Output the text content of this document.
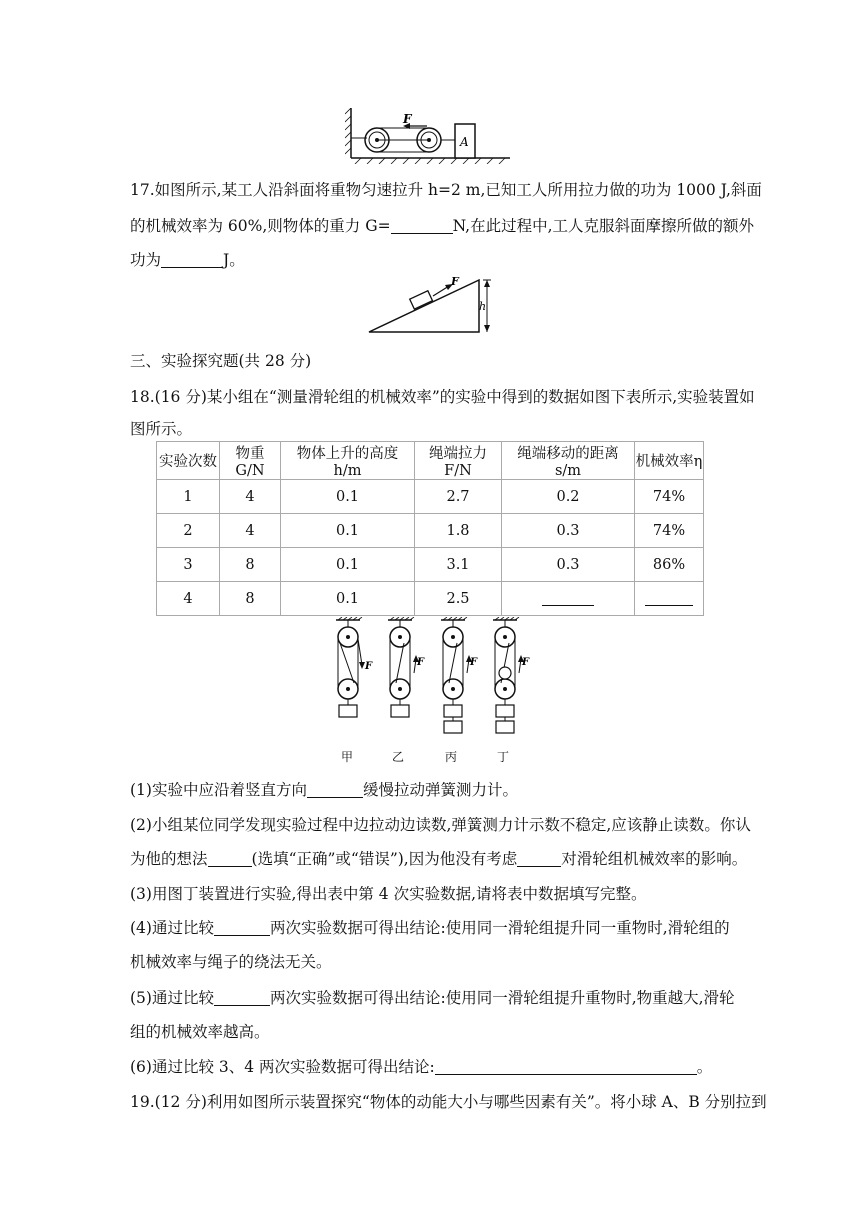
F
A
17.如图所示,某工人沿斜面将重物匀速拉升 h=2 m,已知工人所用拉力做的功为 1000 J,斜面
的机械效率为 60%,则物体的重力 G=	N,在此过程中,工人克服斜面摩擦所做的额外
功为	J。
F
h
三、实验探究题(共 28 分)
18.(16 分)某小组在“测量滑轮组的机械效率”的实验中得到的数据如图下表所示,实验装置如
图所示。
实验次数	物重 G/N	物体上升的高度 h/m	绳端拉力 F/N	绳端移动的距离 s/m	机械效率η
1	4	0.1	2.7	0.2	74%
2	4	0.1	1.8	0.3	74%
3	8	0.1	3.1	0.3	86%
4	8	0.1	2.5		
F	F	F	F
甲	乙	丙	丁
(1)实验中应沿着竖直方向	缓慢拉动弹簧测力计。
(2)小组某位同学发现实验过程中边拉动边读数,弹簧测力计示数不稳定,应该静止读数。你认
为他的想法	(选填“正确”或“错误”),因为他没有考虑	对滑轮组机械效率的影响。
(3)用图丁装置进行实验,得出表中第 4 次实验数据,请将表中数据填写完整。
(4)通过比较	两次实验数据可得出结论:使用同一滑轮组提升同一重物时,滑轮组的
机械效率与绳子的绕法无关。
(5)通过比较	两次实验数据可得出结论:使用同一滑轮组提升重物时,物重越大,滑轮
组的机械效率越高。
(6)通过比较 3、4 两次实验数据可得出结论:	。
19.(12 分)利用如图所示装置探究“物体的动能大小与哪些因素有关”。将小球 A、B 分别拉到
